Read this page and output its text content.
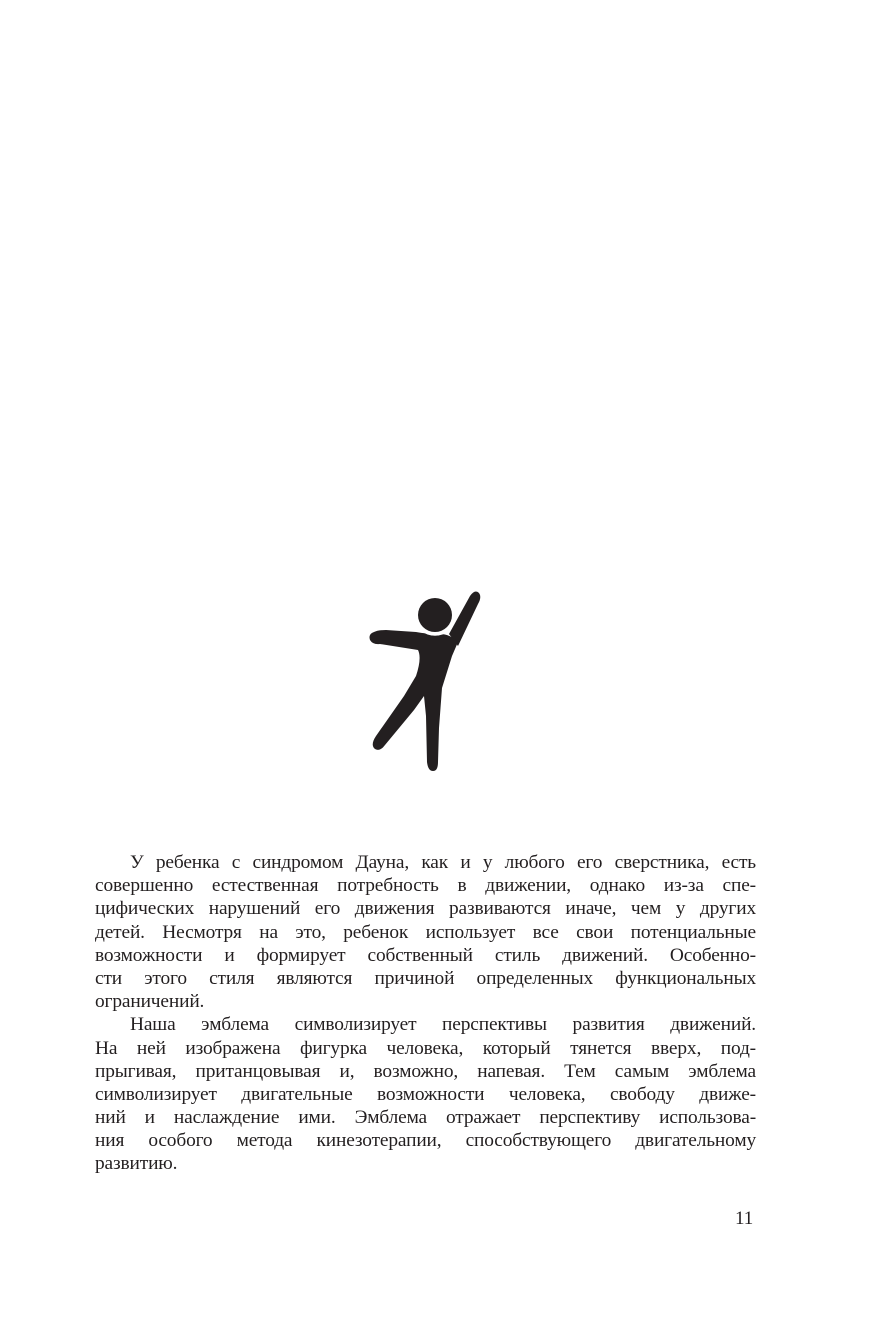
У ребенка с синдромом Дауна, как и у любого его сверстника, есть
совершенно естественная потребность в движении, однако из-за спе-
цифических нарушений его движения развиваются иначе, чем у других
детей. Несмотря на это, ребенок использует все свои потенциальные
возможности и формирует собственный стиль движений. Особенно-
сти этого стиля являются причиной определенных функциональных
ограничений.

Наша эмблема символизирует перспективы развития движений.
На ней изображена фигурка человека, который тянется вверх, под-
прыгивая, пританцовывая и, возможно, напевая. Тем самым эмблема
символизирует двигательные возможности человека, свободу движе-
ний и наслаждение ими. Эмблема отражает перспективу использова-
ния особого метода кинезотерапии, способствующего двигательному
развитию.

11
